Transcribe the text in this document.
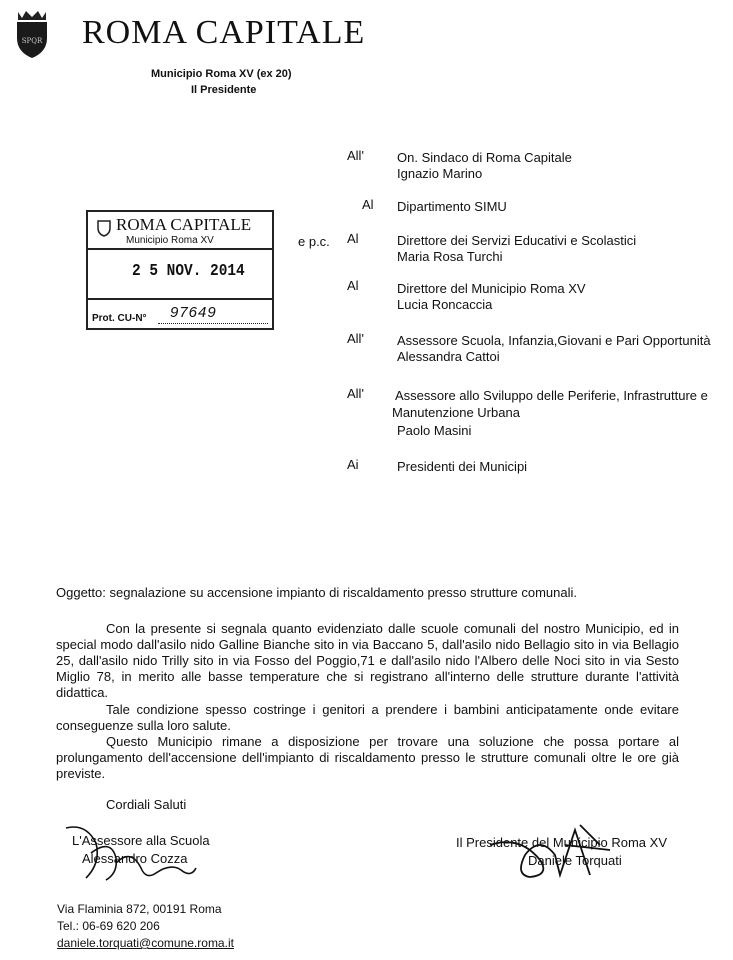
SPQR ROMA CAPITALE
Municipio Roma XV (ex 20)
Il Presidente
ROMA CAPITALE
Municipio Roma XV
2 5 NOV. 2014
Prot. CU-N° 97649
e p.c.
All'	On. Sindaco di Roma Capitale
Ignazio Marino
Al Dipartimento SIMU
Al	Direttore dei Servizi Educativi e Scolastici
Maria Rosa Turchi
Al	Direttore del Municipio Roma XV
Lucia Roncaccia
All'	Assessore Scuola, Infanzia,Giovani e Pari Opportunità
Alessandra Cattoi
All' Assessore allo Sviluppo delle Periferie, Infrastrutture e
Manutenzione Urbana
Paolo Masini
Ai	Presidenti dei Municipi
Oggetto: segnalazione su accensione impianto di riscaldamento presso strutture comunali.
Con la presente si segnala quanto evidenziato dalle scuole comunali del nostro Municipio, ed in special modo dall'asilo nido Galline Bianche sito in via Baccano 5, dall'asilo nido Bellagio sito in via Bellagio 25, dall'asilo nido Trilly sito in via Fosso del Poggio,71 e dall'asilo nido l'Albero delle Noci sito in via Sesto Miglio 78, in merito alle basse temperature che si registrano all'interno delle strutture durante l'attività didattica.
Tale condizione spesso costringe i genitori a prendere i bambini anticipatamente onde evitare conseguenze sulla loro salute.
Questo Municipio rimane a disposizione per trovare una soluzione che possa portare al prolungamento dell'accensione dell'impianto di riscaldamento presso le strutture comunali oltre le ore già previste.
Cordiali Saluti
L'Assessore alla Scuola
Alessandro Cozza
Il Presidente del Municipio Roma XV
Daniele Torquati
Via Flaminia 872, 00191 Roma
Tel.: 06-69 620 206
daniele.torquati@comune.roma.it
